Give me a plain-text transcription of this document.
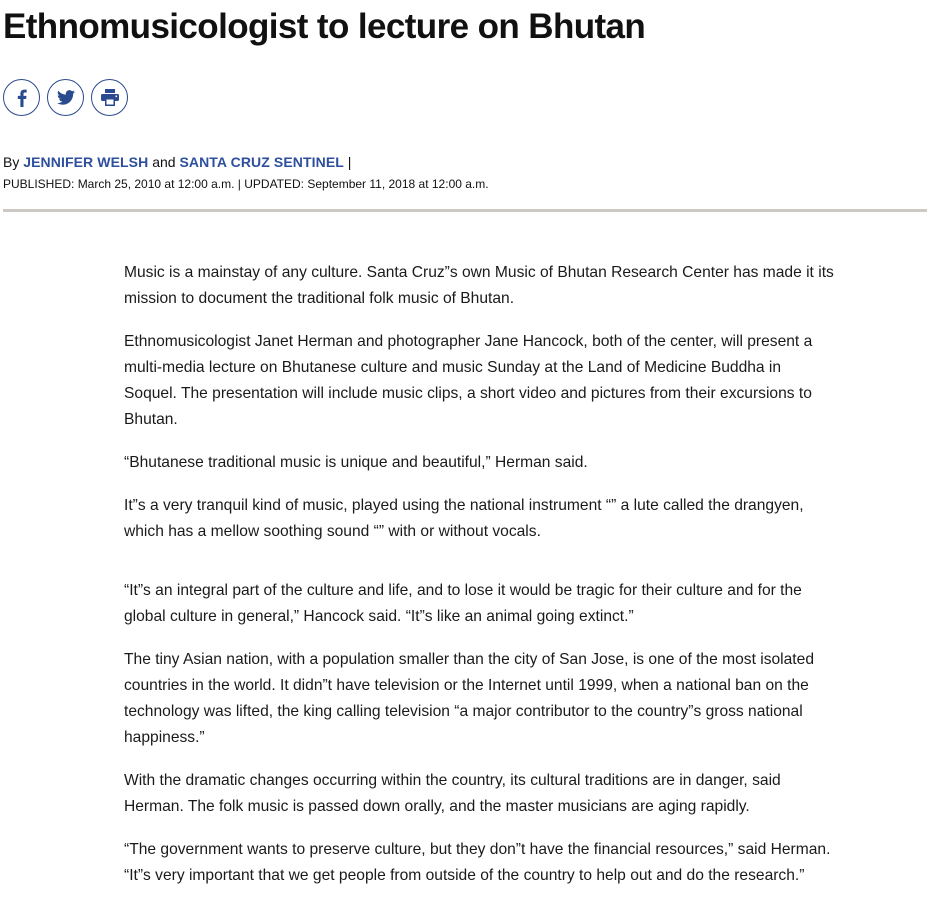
Ethnomusicologist to lecture on Bhutan
By JENNIFER WELSH and SANTA CRUZ SENTINEL |
PUBLISHED: March 25, 2010 at 12:00 a.m. | UPDATED: September 11, 2018 at 12:00 a.m.

Music is a mainstay of any culture. Santa Cruz”s own Music of Bhutan Research Center has made it its mission to document the traditional folk music of Bhutan.

Ethnomusicologist Janet Herman and photographer Jane Hancock, both of the center, will present a multi-media lecture on Bhutanese culture and music Sunday at the Land of Medicine Buddha in Soquel. The presentation will include music clips, a short video and pictures from their excursions to Bhutan.

“Bhutanese traditional music is unique and beautiful,” Herman said.

It”s a very tranquil kind of music, played using the national instrument “” a lute called the drangyen, which has a mellow soothing sound “” with or without vocals.

“It”s an integral part of the culture and life, and to lose it would be tragic for their culture and for the global culture in general,” Hancock said. “It”s like an animal going extinct.”

The tiny Asian nation, with a population smaller than the city of San Jose, is one of the most isolated countries in the world. It didn”t have television or the Internet until 1999, when a national ban on the technology was lifted, the king calling television “a major contributor to the country”s gross national happiness.”

With the dramatic changes occurring within the country, its cultural traditions are in danger, said Herman. The folk music is passed down orally, and the master musicians are aging rapidly.

“The government wants to preserve culture, but they don”t have the financial resources,” said Herman. “It”s very important that we get people from outside of the country to help out and do the research.”
